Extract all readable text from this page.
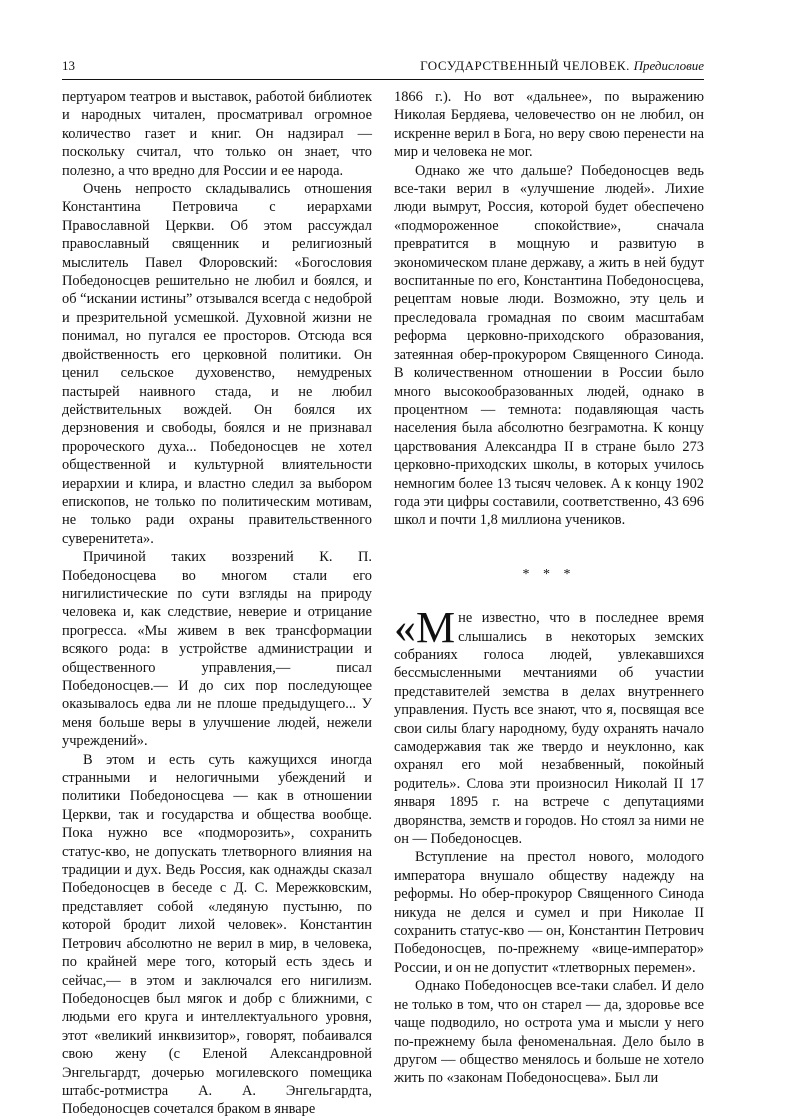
13	ГОСУДАРСТВЕННЫЙ ЧЕЛОВЕК. Предисловие

пертуаром театров и выставок, работой библиотек и народных читален, просматривал огромное количество газет и книг. Он надзирал — поскольку считал, что только он знает, что полезно, а что вредно для России и ее народа.

Очень непросто складывались отношения Константина Петровича с иерархами Православной Церкви. Об этом рассуждал православный священник и религиозный мыслитель Павел Флоровский: «Богословия Победоносцев решительно не любил и боялся, и об “искании истины” отзывался всегда с недоброй и презрительной усмешкой. Духовной жизни не понимал, но пугался ее просторов. Отсюда вся двойственность его церковной политики. Он ценил сельское духовенство, немудреных пастырей наивного стада, и не любил действительных вождей. Он боялся их дерзновения и свободы, боялся и не признавал пророческого духа... Победоносцев не хотел общественной и культурной влиятельности иерархии и клира, и властно следил за выбором епископов, не только по политическим мотивам, не только ради охраны правительственного суверенитета».

Причиной таких воззрений К. П. Победоносцева во многом стали его нигилистические по сути взгляды на природу человека и, как следствие, неверие и отрицание прогресса. «Мы живем в век трансформации всякого рода: в устройстве администрации и общественного управления,— писал Победоносцев.— И до сих пор последующее оказывалось едва ли не плоше предыдущего... У меня больше веры в улучшение людей, нежели учреждений».

В этом и есть суть кажущихся иногда странными и нелогичными убеждений и политики Победоносцева — как в отношении Церкви, так и государства и общества вообще. Пока нужно все «подморозить», сохранить статус-кво, не допускать тлетворного влияния на традиции и дух. Ведь Россия, как однажды сказал Победоносцев в беседе с Д. С. Мережковским, представляет собой «ледяную пустыню, по которой бродит лихой человек». Константин Петрович абсолютно не верил в мир, в человека, по крайней мере того, который есть здесь и сейчас,— в этом и заключался его нигилизм. Победоносцев был мягок и добр с ближними, с людьми его круга и интеллектуального уровня, этот «великий инквизитор», говорят, побаивался свою жену (с Еленой Александровной Энгельгардт, дочерью могилевского помещика штабс-ротмистра А. А. Энгельгардта, Победоносцев сочетался браком в январе

1866 г.). Но вот «дальнее», по выражению Николая Бердяева, человечество он не любил, он искренне верил в Бога, но веру свою перенести на мир и человека не мог.

Однако же что дальше? Победоносцев ведь все-таки верил в «улучшение людей». Лихие люди вымрут, Россия, которой будет обеспечено «подмороженное спокойствие», сначала превратится в мощную и развитую в экономическом плане державу, а жить в ней будут воспитанные по его, Константина Победоносцева, рецептам новые люди. Возможно, эту цель и преследовала громадная по своим масштабам реформа церковно-приходского образования, затеянная обер-прокурором Священного Синода. В количественном отношении в России было много высокообразованных людей, однако в процентном — темнота: подавляющая часть населения была абсолютно безграмотна. К концу царствования Александра II в стране было 273 церковно-приходских школы, в которых училось немногим более 13 тысяч человек. А к концу 1902 года эти цифры составили, соответственно, 43 696 школ и почти 1,8 миллиона учеников.

* * *

«Мне известно, что в последнее время слышались в некоторых земских собраниях голоса людей, увлекавшихся бессмысленными мечтаниями об участии представителей земства в делах внутреннего управления. Пусть все знают, что я, посвящая все свои силы благу народному, буду охранять начало самодержавия так же твердо и неуклонно, как охранял его мой незабвенный, покойный родитель». Слова эти произносил Николай II 17 января 1895 г. на встрече с депутациями дворянства, земств и городов. Но стоял за ними не он — Победоносцев.

Вступление на престол нового, молодого императора внушало обществу надежду на реформы. Но обер-прокурор Священного Синода никуда не делся и сумел и при Николае II сохранить статус-кво — он, Константин Петрович Победоносцев, по-прежнему «вице-император» России, и он не допустит «тлетворных перемен».

Однако Победоносцев все-таки слабел. И дело не только в том, что он старел — да, здоровье все чаще подводило, но острота ума и мысли у него по-прежнему была феноменальная. Дело было в другом — общество менялось и больше не хотело жить по «законам Победоносцева». Был ли
